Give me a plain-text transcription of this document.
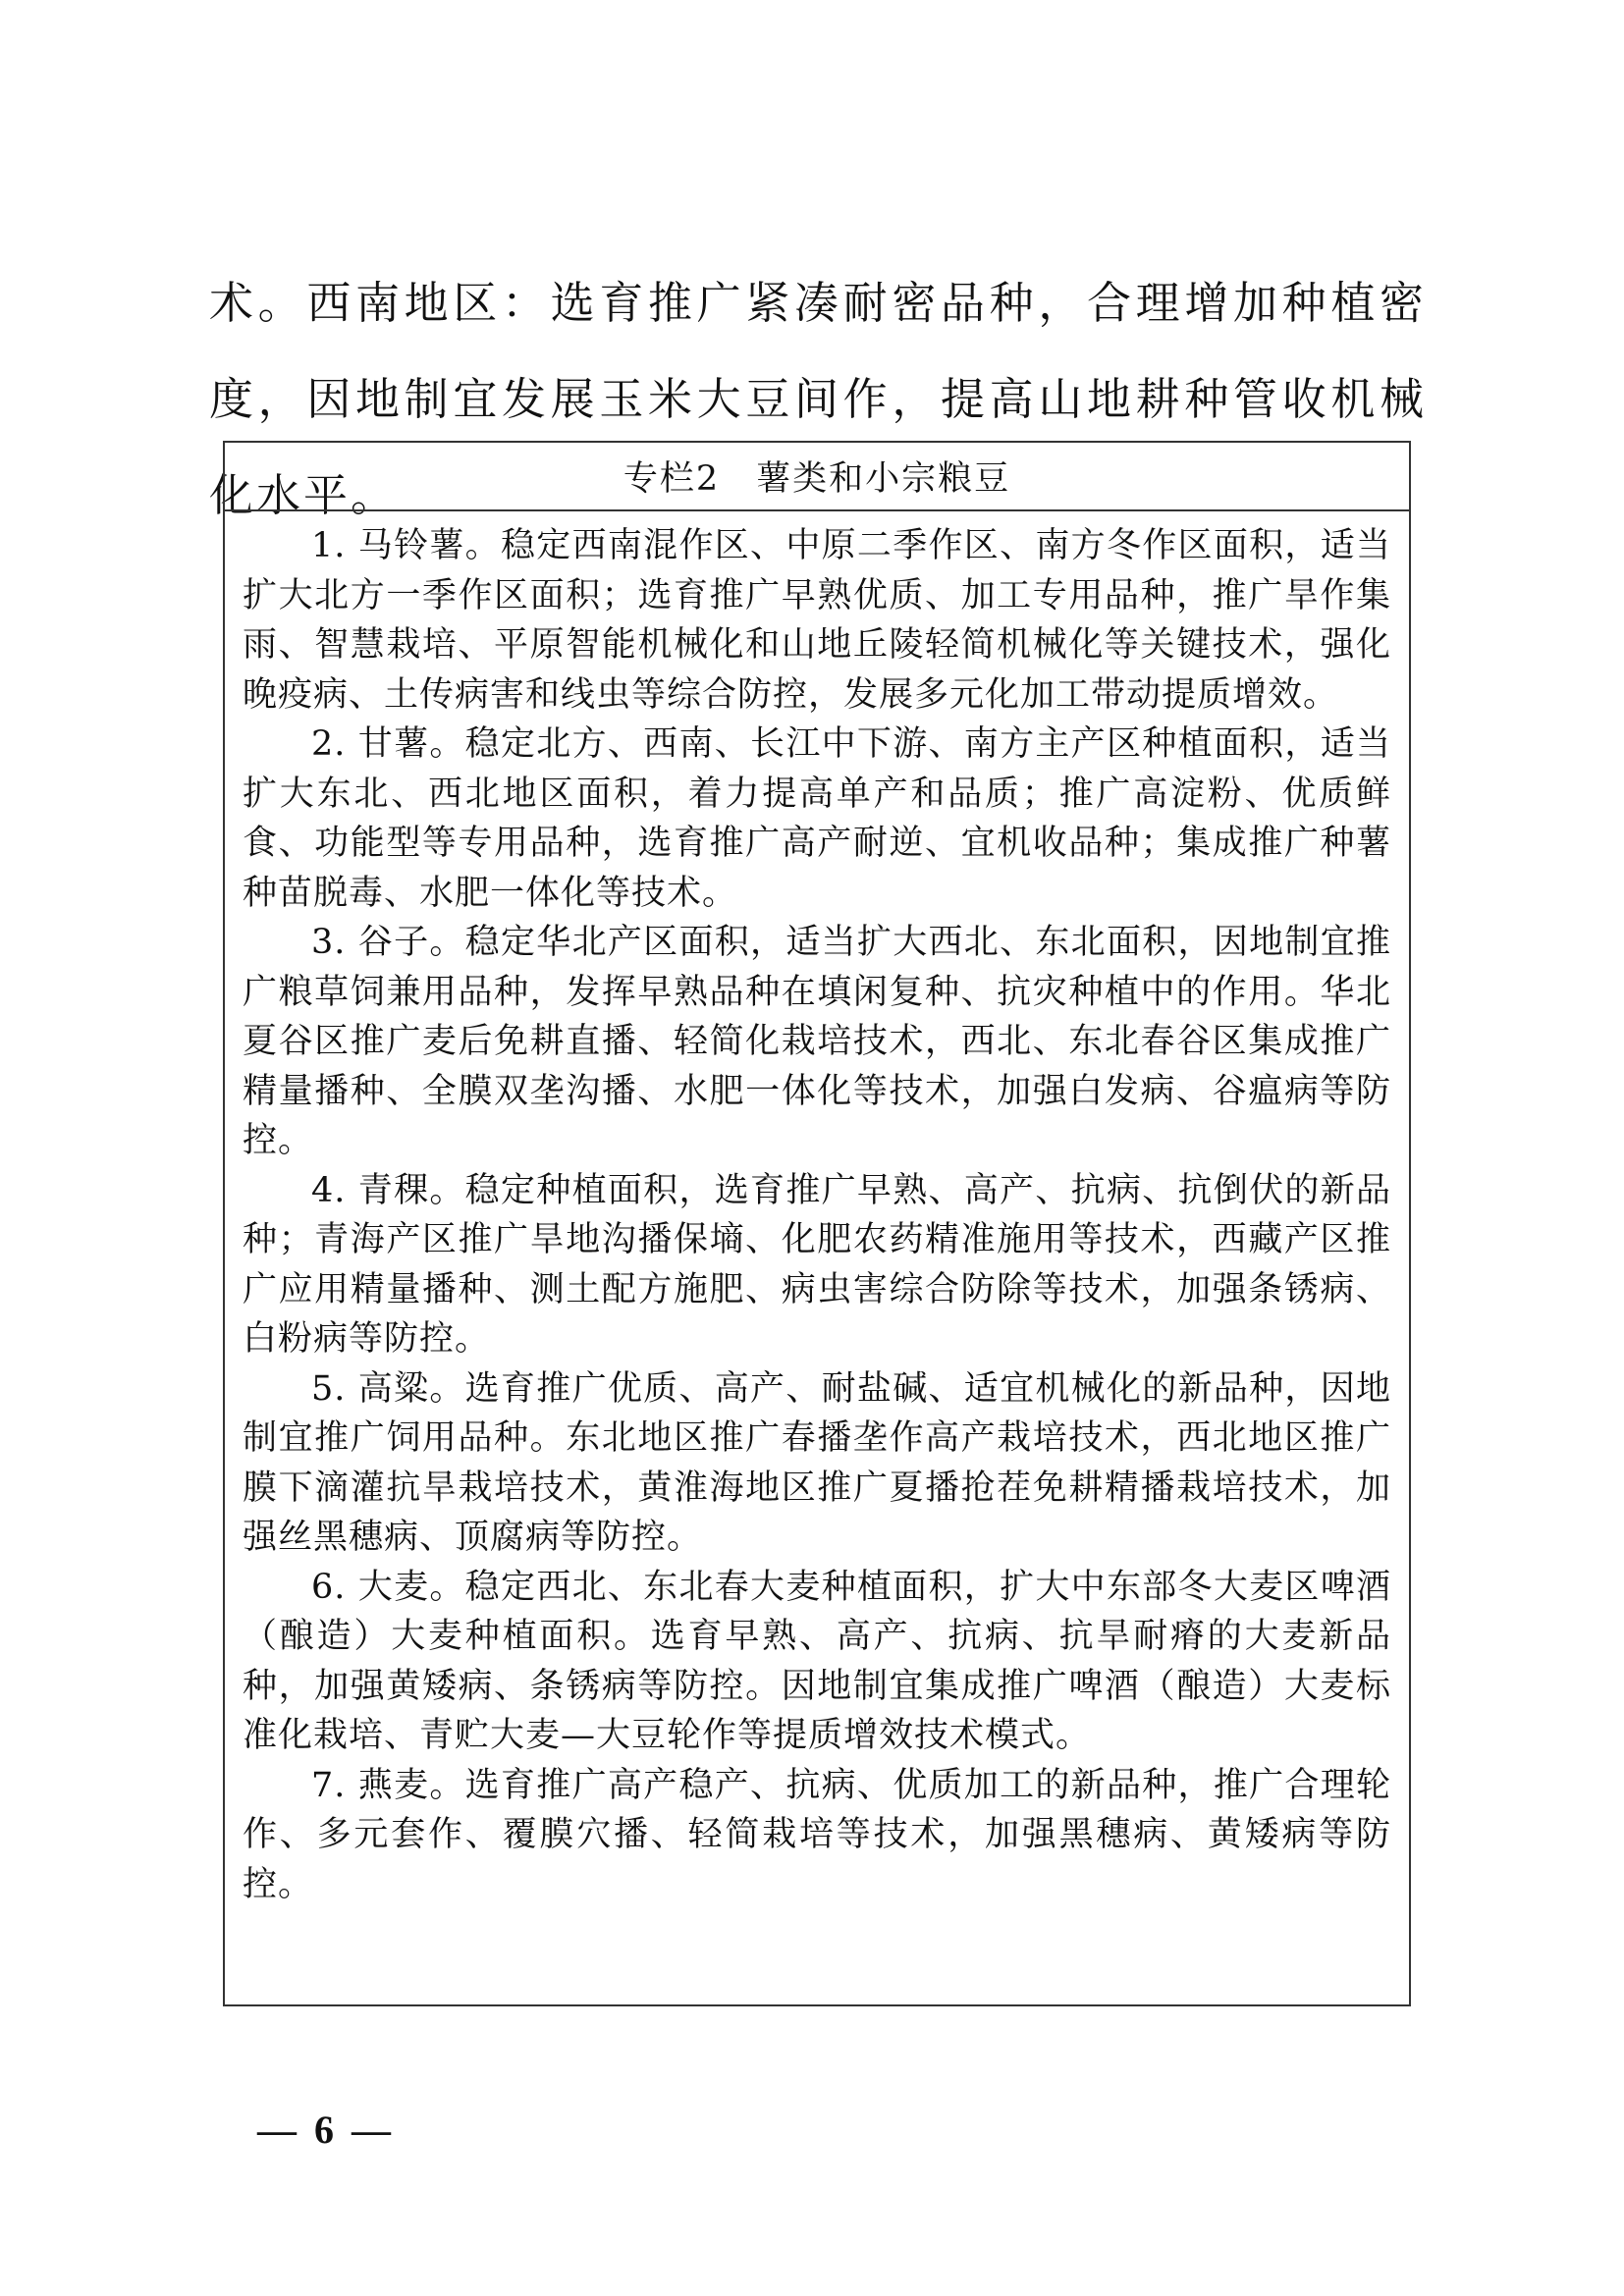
术。西南地区：选育推广紧凑耐密品种，合理增加种植密度，因地制宜发展玉米大豆间作，提高山地耕种管收机械化水平。	专栏2　薯类和小宗粮豆

1. 马铃薯。稳定西南混作区、中原二季作区、南方冬作区面积，适当扩大北方一季作区面积；选育推广早熟优质、加工专用品种，推广旱作集雨、智慧栽培、平原智能机械化和山地丘陵轻简机械化等关键技术，强化晚疫病、土传病害和线虫等综合防控，发展多元化加工带动提质增效。

2. 甘薯。稳定北方、西南、长江中下游、南方主产区种植面积，适当扩大东北、西北地区面积，着力提高单产和品质；推广高淀粉、优质鲜食、功能型等专用品种，选育推广高产耐逆、宜机收品种；集成推广种薯种苗脱毒、水肥一体化等技术。

3. 谷子。稳定华北产区面积，适当扩大西北、东北面积，因地制宜推广粮草饲兼用品种，发挥早熟品种在填闲复种、抗灾种植中的作用。华北夏谷区推广麦后免耕直播、轻简化栽培技术，西北、东北春谷区集成推广精量播种、全膜双垄沟播、水肥一体化等技术，加强白发病、谷瘟病等防控。

4. 青稞。稳定种植面积，选育推广早熟、高产、抗病、抗倒伏的新品种；青海产区推广旱地沟播保墒、化肥农药精准施用等技术，西藏产区推广应用精量播种、测土配方施肥、病虫害综合防除等技术，加强条锈病、白粉病等防控。

5. 高粱。选育推广优质、高产、耐盐碱、适宜机械化的新品种，因地制宜推广饲用品种。东北地区推广春播垄作高产栽培技术，西北地区推广膜下滴灌抗旱栽培技术，黄淮海地区推广夏播抢茬免耕精播栽培技术，加强丝黑穗病、顶腐病等防控。

6. 大麦。稳定西北、东北春大麦种植面积，扩大中东部冬大麦区啤酒（酿造）大麦种植面积。选育早熟、高产、抗病、抗旱耐瘠的大麦新品种，加强黄矮病、条锈病等防控。因地制宜集成推广啤酒（酿造）大麦标准化栽培、青贮大麦—大豆轮作等提质增效技术模式。

7. 燕麦。选育推广高产稳产、抗病、优质加工的新品种，推广合理轮作、多元套作、覆膜穴播、轻简栽培等技术，加强黑穗病、黄矮病等防控。

— 6 —
